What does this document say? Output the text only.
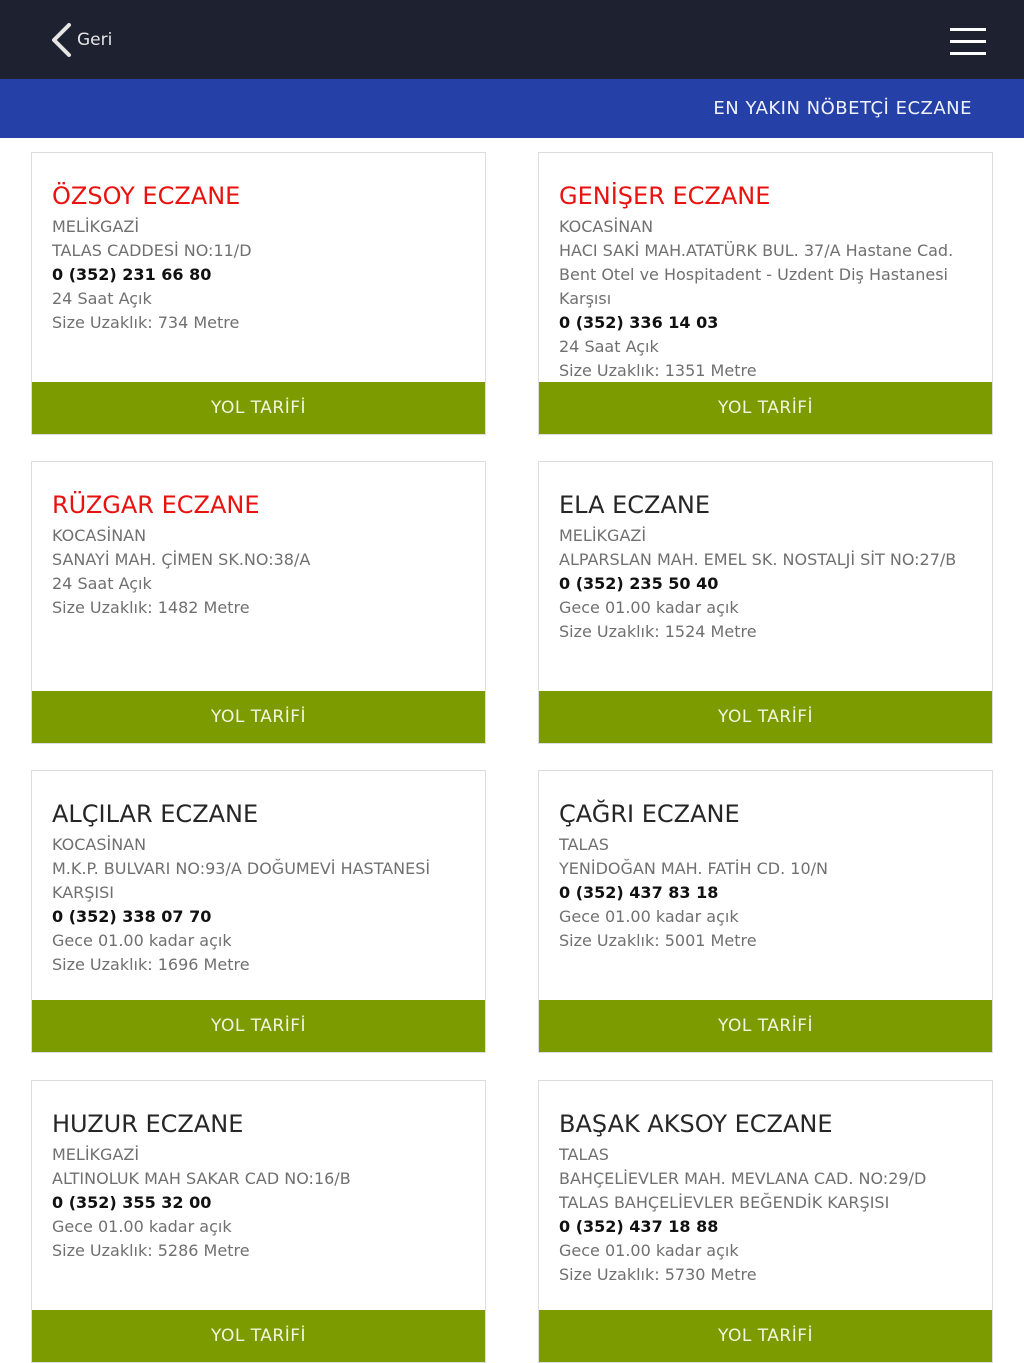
Geri
EN YAKIN NÖBETÇİ ECZANE
ÖZSOY ECZANE
MELİKGAZİ
TALAS CADDESİ NO:11/D
0 (352) 231 66 80
24 Saat Açık
Size Uzaklık: 734 Metre
YOL TARİFİ
GENİŞER ECZANE
KOCASİNAN
HACI SAKİ MAH.ATATÜRK BUL. 37/A Hastane Cad. Bent Otel ve Hospitadent - Uzdent Diş Hastanesi Karşısı
0 (352) 336 14 03
24 Saat Açık
Size Uzaklık: 1351 Metre
YOL TARİFİ
RÜZGAR ECZANE
KOCASİNAN
SANAYİ MAH. ÇİMEN SK.NO:38/A
24 Saat Açık
Size Uzaklık: 1482 Metre
YOL TARİFİ
ELA ECZANE
MELİKGAZİ
ALPARSLAN MAH. EMEL SK. NOSTALJİ SİT NO:27/B
0 (352) 235 50 40
Gece 01.00 kadar açık
Size Uzaklık: 1524 Metre
YOL TARİFİ
ALÇILAR ECZANE
KOCASİNAN
M.K.P. BULVARI NO:93/A DOĞUMEVİ HASTANESİ KARŞISI
0 (352) 338 07 70
Gece 01.00 kadar açık
Size Uzaklık: 1696 Metre
YOL TARİFİ
ÇAĞRI ECZANE
TALAS
YENİDOĞAN MAH. FATİH CD. 10/N
0 (352) 437 83 18
Gece 01.00 kadar açık
Size Uzaklık: 5001 Metre
YOL TARİFİ
HUZUR ECZANE
MELİKGAZİ
ALTINOLUK MAH SAKAR CAD NO:16/B
0 (352) 355 32 00
Gece 01.00 kadar açık
Size Uzaklık: 5286 Metre
YOL TARİFİ
BAŞAK AKSOY ECZANE
TALAS
BAHÇELİEVLER MAH. MEVLANA CAD. NO:29/D TALAS BAHÇELİEVLER BEĞENDİK KARŞISI
0 (352) 437 18 88
Gece 01.00 kadar açık
Size Uzaklık: 5730 Metre
YOL TARİFİ
